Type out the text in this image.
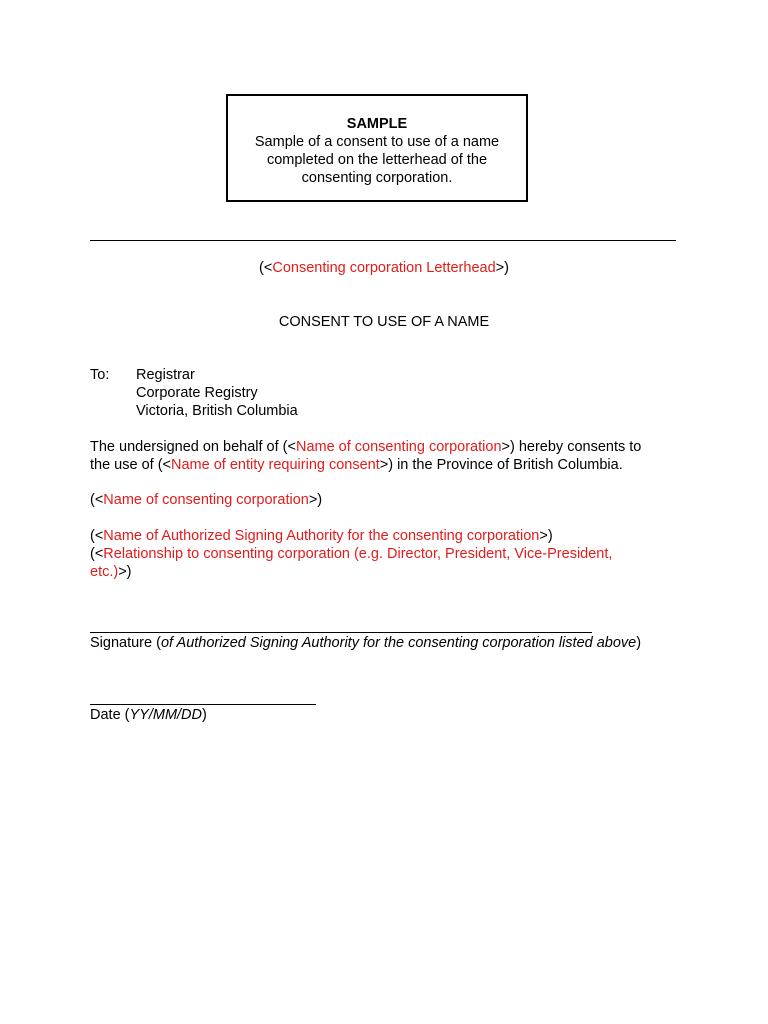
SAMPLE
Sample of a consent to use of a name
completed on the letterhead of the
consenting corporation.
(<Consenting corporation Letterhead>)
CONSENT TO USE OF A NAME
To: Registrar
Corporate Registry
Victoria, British Columbia
The undersigned on behalf of (<Name of consenting corporation>) hereby consents to
the use of (<Name of entity requiring consent>) in the Province of British Columbia.
(<Name of consenting corporation>)
(<Name of Authorized Signing Authority for the consenting corporation>)
(<Relationship to consenting corporation (e.g. Director, President, Vice-President,
etc.)>)
Signature (of Authorized Signing Authority for the consenting corporation listed above)
Date (YY/MM/DD)
